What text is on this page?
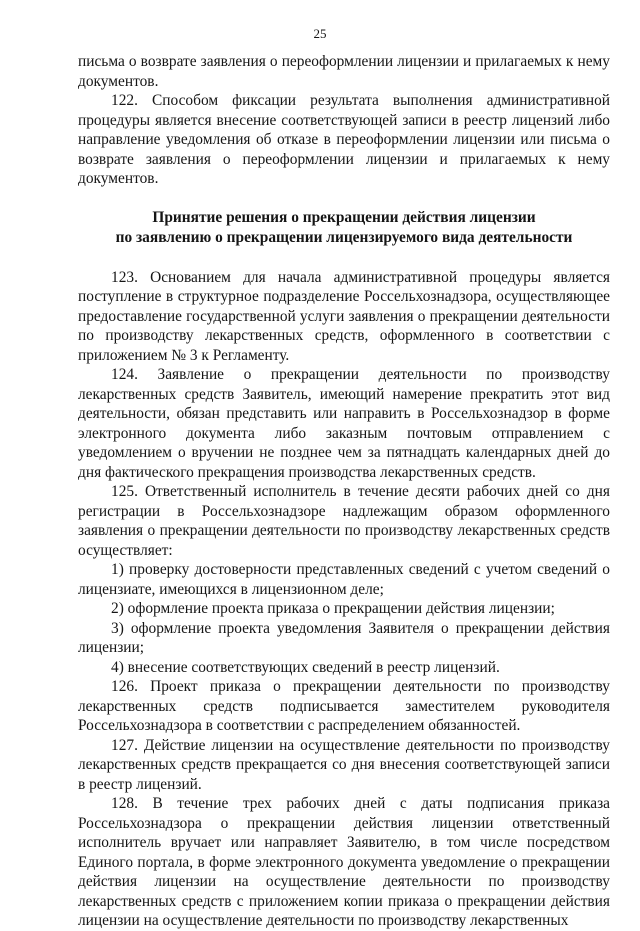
25

письма о возврате заявления о переоформлении лицензии и прилагаемых к нему документов.

122. Способом фиксации результата выполнения административной процедуры является внесение соответствующей записи в реестр лицензий либо направление уведомления об отказе в переоформлении лицензии или письма о возврате заявления о переоформлении лицензии и прилагаемых к нему документов.

Принятие решения о прекращении действия лицензии
по заявлению о прекращении лицензируемого вида деятельности

123. Основанием для начала административной процедуры является поступление в структурное подразделение Россельхознадзора, осуществляющее предоставление государственной услуги заявления о прекращении деятельности по производству лекарственных средств, оформленного в соответствии с приложением № 3 к Регламенту.

124. Заявление о прекращении деятельности по производству лекарственных средств Заявитель, имеющий намерение прекратить этот вид деятельности, обязан представить или направить в Россельхознадзор в форме электронного документа либо заказным почтовым отправлением с уведомлением о вручении не позднее чем за пятнадцать календарных дней до дня фактического прекращения производства лекарственных средств.

125. Ответственный исполнитель в течение десяти рабочих дней со дня регистрации в Россельхознадзоре надлежащим образом оформленного заявления о прекращении деятельности по производству лекарственных средств осуществляет:

1) проверку достоверности представленных сведений с учетом сведений о лицензиате, имеющихся в лицензионном деле;

2) оформление проекта приказа о прекращении действия лицензии;

3) оформление проекта уведомления Заявителя о прекращении действия лицензии;

4) внесение соответствующих сведений в реестр лицензий.

126. Проект приказа о прекращении деятельности по производству лекарственных средств подписывается заместителем руководителя Россельхознадзора в соответствии с распределением обязанностей.

127. Действие лицензии на осуществление деятельности по производству лекарственных средств прекращается со дня внесения соответствующей записи в реестр лицензий.

128. В течение трех рабочих дней с даты подписания приказа Россельхознадзора о прекращении действия лицензии ответственный исполнитель вручает или направляет Заявителю, в том числе посредством Единого портала, в форме электронного документа уведомление о прекращении действия лицензии на осуществление деятельности по производству лекарственных средств с приложением копии приказа о прекращении действия лицензии на осуществление деятельности по производству лекарственных
